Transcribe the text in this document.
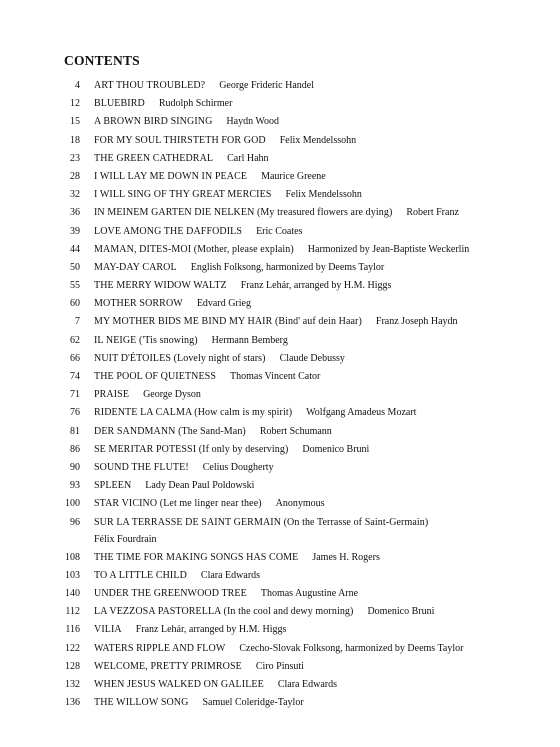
CONTENTS
4 ART THOU TROUBLED? George Frideric Handel
12 BLUEBIRD Rudolph Schirmer
15 A BROWN BIRD SINGING Haydn Wood
18 FOR MY SOUL THIRSTETH FOR GOD Felix Mendelssohn
23 THE GREEN CATHEDRAL Carl Hahn
28 I WILL LAY ME DOWN IN PEACE Maurice Greene
32 I WILL SING OF THY GREAT MERCIES Felix Mendelssohn
36 IN MEINEM GARTEN DIE NELKEN (My treasured flowers are dying) Robert Franz
39 LOVE AMONG THE DAFFODILS Eric Coates
44 MAMAN, DITES-MOI (Mother, please explain) Harmonized by Jean-Baptiste Weckerlin
50 MAY-DAY CAROL English Folksong, harmonized by Deems Taylor
55 THE MERRY WIDOW WALTZ Franz Lehár, arranged by H.M. Higgs
60 MOTHER SORROW Edvard Grieg
7 MY MOTHER BIDS ME BIND MY HAIR (Bind' auf dein Haar) Franz Joseph Haydn
62 IL NEIGE ('Tis snowing) Hermann Bemberg
66 NUIT D'ÉTOILES (Lovely night of stars) Claude Debussy
74 THE POOL OF QUIETNESS Thomas Vincent Cator
71 PRAISE George Dyson
76 RIDENTE LA CALMA (How calm is my spirit) Wolfgang Amadeus Mozart
81 DER SANDMANN (The Sand-Man) Robert Schumann
86 SE MERITAR POTESSI (If only by deserving) Domenico Bruni
90 SOUND THE FLUTE! Celius Dougherty
93 SPLEEN Lady Dean Paul Poldowski
100 STAR VICINO (Let me linger near thee) Anonymous
96 SUR LA TERRASSE DE SAINT GERMAIN (On the Terrasse of Saint-Germain)
Félix Fourdrain
108 THE TIME FOR MAKING SONGS HAS COME James H. Rogers
103 TO A LITTLE CHILD Clara Edwards
140 UNDER THE GREENWOOD TREE Thomas Augustine Arne
112 LA VEZZOSA PASTORELLA (In the cool and dewy morning) Domenico Bruni
116 VILIA Franz Lehár, arranged by H.M. Higgs
122 WATERS RIPPLE AND FLOW Czecho-Slovak Folksong, harmonized by Deems Taylor
128 WELCOME, PRETTY PRIMROSE Ciro Pinsuti
132 WHEN JESUS WALKED ON GALILEE Clara Edwards
136 THE WILLOW SONG Samuel Coleridge-Taylor
